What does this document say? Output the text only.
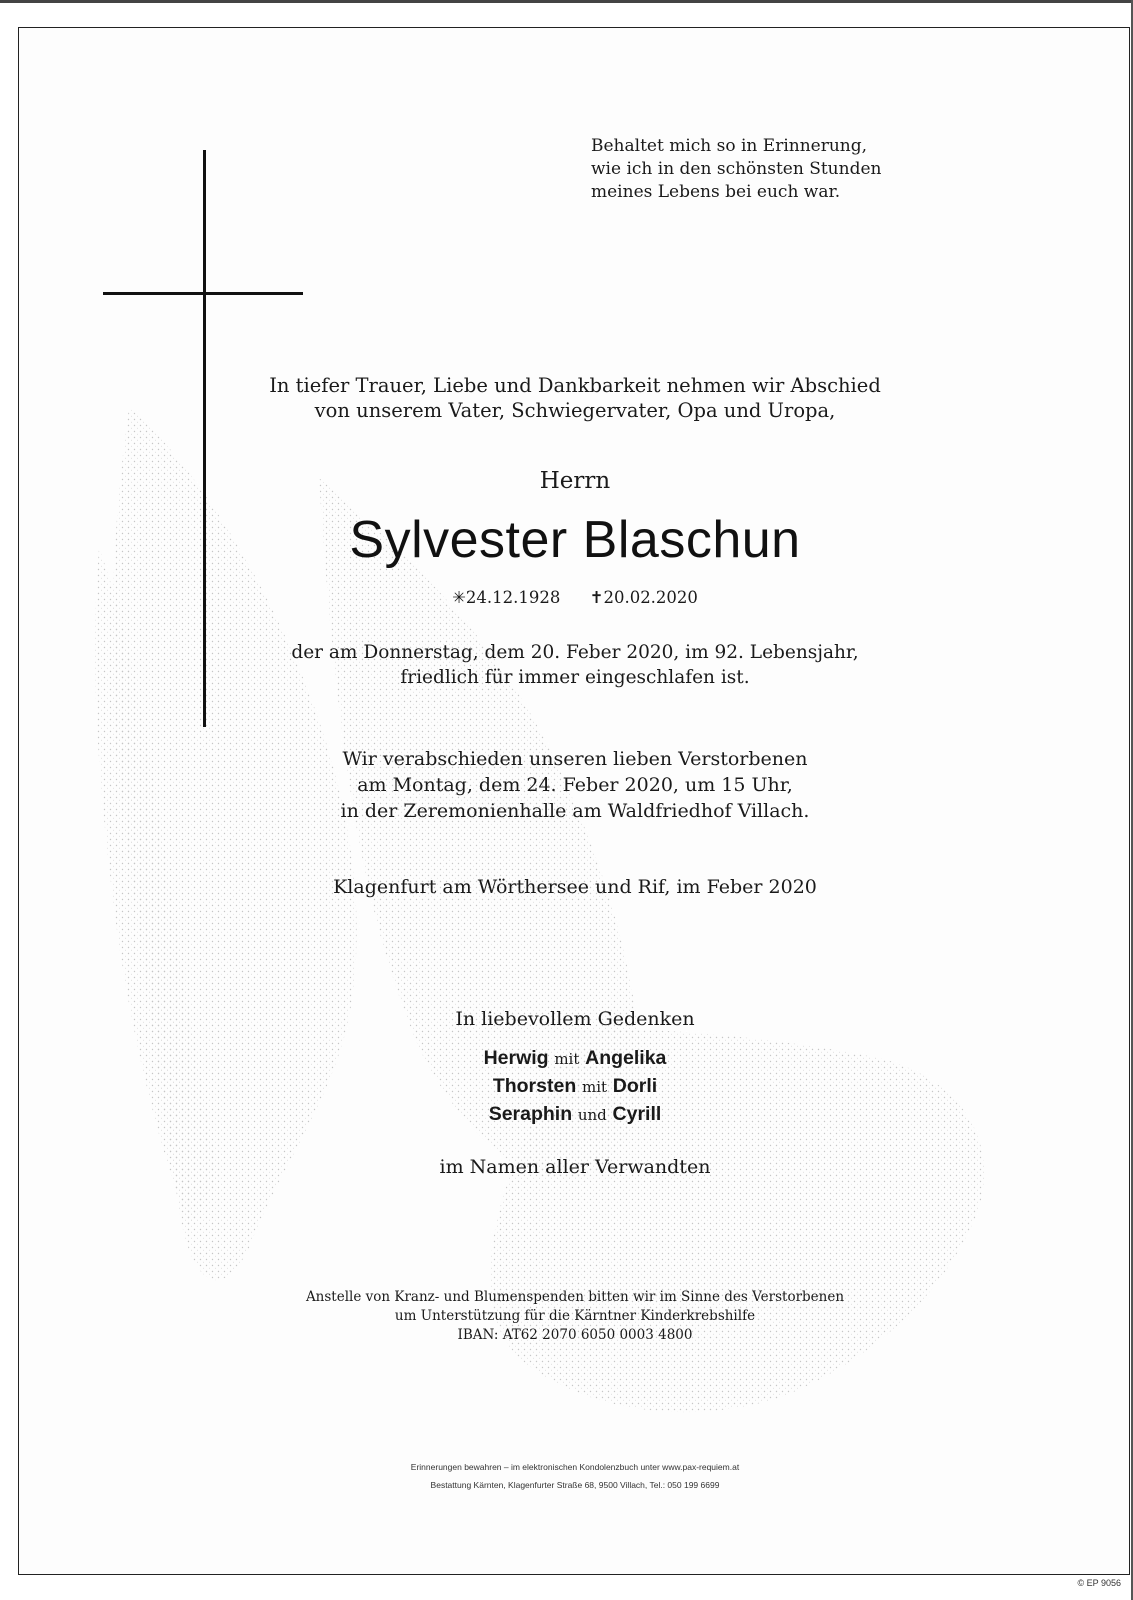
Behaltet mich so in Erinnerung,
wie ich in den schönsten Stunden
meines Lebens bei euch war.
In tiefer Trauer, Liebe und Dankbarkeit nehmen wir Abschied
von unserem Vater, Schwiegervater, Opa und Uropa,
Herrn
Sylvester Blaschun
✳24.12.1928 ✝20.02.2020
der am Donnerstag, dem 20. Feber 2020, im 92. Lebensjahr,
friedlich für immer eingeschlafen ist.
Wir verabschieden unseren lieben Verstorbenen
am Montag, dem 24. Feber 2020, um 15 Uhr,
in der Zeremonienhalle am Waldfriedhof Villach.
Klagenfurt am Wörthersee und Rif, im Feber 2020
In liebevollem Gedenken
Herwig mit Angelika
Thorsten mit Dorli
Seraphin und Cyrill
im Namen aller Verwandten
Anstelle von Kranz- und Blumenspenden bitten wir im Sinne des Verstorbenen
um Unterstützung für die Kärntner Kinderkrebshilfe
IBAN: AT62 2070 6050 0003 4800
Erinnerungen bewahren – im elektronischen Kondolenzbuch unter www.pax-requiem.at
Bestattung Kärnten, Klagenfurter Straße 68, 9500 Villach, Tel.: 050 199 6699
© EP 9056
